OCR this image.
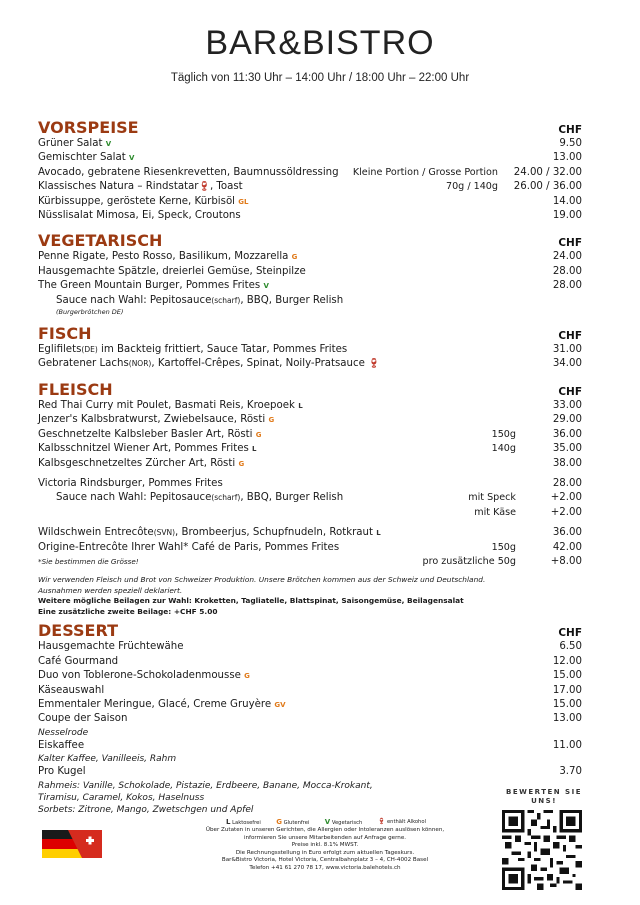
BAR&BISTRO
Täglich von 11:30 Uhr – 14:00 Uhr / 18:00 Uhr – 22:00 Uhr
VORSPEISE	CHF
Grüner Salat V	9.50
Gemischter Salat V	13.00
Avocado, gebratene Riesenkrevetten, Baumnussöldressing	Kleine Portion / Grosse Portion 24.00 / 32.00
Klassisches Natura – Rindstatar🍷︎, Toast	70g / 140g 26.00 / 36.00
Kürbissuppe, geröstete Kerne, Kürbisöl GL	14.00
Nüsslisalat Mimosa, Ei, Speck, Croutons	19.00
VEGETARISCH	CHF
Penne Rigate, Pesto Rosso, Basilikum, Mozzarella G	24.00
Hausgemachte Spätzle, dreierlei Gemüse, Steinpilze	28.00
The Green Mountain Burger, Pommes Frites V	28.00
Sauce nach Wahl: Pepitosauce(scharf), BBQ, Burger Relish
(Burgerbrötchen DE)
FISCH	CHF
Egliﬁlets(DE) im Backteig frittiert, Sauce Tatar, Pommes Frites	31.00
Gebratener Lachs(NOR), Kartoffel-Crêpes, Spinat, Noily-Pratsauce 🍷︎	34.00
FLEISCH	CHF
Red Thai Curry mit Poulet, Basmati Reis, Kroepoek L	33.00
Jenzer's Kalbsbratwurst, Zwiebelsauce, Rösti G	29.00
Geschnetzelte Kalbsleber Basler Art, Rösti G	150g	36.00
Kalbsschnitzel Wiener Art, Pommes Frites L	140g	35.00
Kalbsgeschnetzeltes Zürcher Art, Rösti G	38.00
Victoria Rindsburger, Pommes Frites	28.00
Sauce nach Wahl: Pepitosauce(scharf), BBQ, Burger Relish	mit Speck	+2.00
mit Käse	+2.00
Wildschwein Entrecôte(SVN), Brombeerjus, Schupfnudeln, Rotkraut L	36.00
Origine-Entrecôte Ihrer Wahl* Café de Paris, Pommes Frites	150g	42.00
*Sie bestimmen die Grösse!	pro zusätzliche 50g	+8.00
Wir verwenden Fleisch und Brot von Schweizer Produktion. Unsere Brötchen kommen aus der Schweiz und Deutschland.
Ausnahmen werden speziell deklariert.
Weitere mögliche Beilagen zur Wahl: Kroketten, Tagliatelle, Blattspinat, Saisongemüse, Beilagensalat
Eine zusätzliche zweite Beilage: +CHF 5.00
DESSERT	CHF
Hausgemachte Früchtewähe	6.50
Café Gourmand	12.00
Duo von Toblerone-Schokoladenmousse G	15.00
Käseauswahl	17.00
Emmentaler Meringue, Glacé, Creme Gruyère GV	15.00
Coupe der Saison	13.00
Nesselrode
Eiskaffee	11.00
Kalter Kaffee, Vanilleeis, Rahm
Pro Kugel	3.70
Rahmeis: Vanille, Schokolade, Pistazie, Erdbeere, Banane, Mocca-Krokant,
Tiramisu, Caramel, Kokos, Haselnuss
Sorbets: Zitrone, Mango, Zwetschgen und Apfel
L Laktosefrei G Glutenfrei V Vegetarisch	🍷︎ enthält Alkohol
Über Zutaten in unseren Gerichten, die Allergien oder Intoleranzen auslösen können,
informieren Sie unsere Mitarbeitenden auf Anfrage gerne.
Preise inkl. 8.1% MWST.
Die Rechnungsstellung in Euro erfolgt zum aktuellen Tageskurs.
Bar&Bistro Victoria, Hotel Victoria, Centralbahnplatz 3 – 4, CH-4002 Basel
Telefon +41 61 270 78 17, www.victoria.balehotels.ch
BEWERTEN SIE
UNS!
